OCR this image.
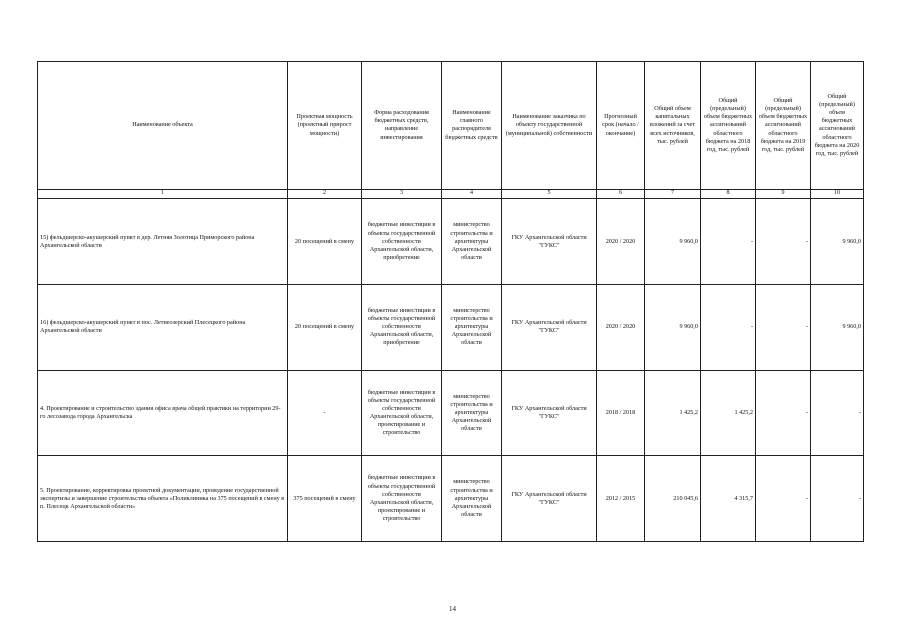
Наименование объекта	Проектная мощность (проектный прирост мощности)	Форма расходования бюджетных средств, направление инвестирования	Наименование главного распорядителя бюджетных средств	Наименование заказчика по объекту государственной (муниципальной) собственности	Прогнозный срок (начало / окончание)	Общий объем капитальных вложений за счет всех источников, тыс. рублей	Общий (предельный) объем бюджетных ассигнований областного бюджета на 2018 год, тыс. рублей	Общий (предельный) объем бюджетных ассигнований областного бюджета на 2019 год, тыс. рублей	Общий (предельный) объем бюджетных ассигнований областного бюджета на 2020 год, тыс. рублей
1	2	3	4	5	6	7	8	9	10
15) фельдшерско-акушерский пункт в дер. Летняя Золотица Приморского района Архангельской области	20 посещений в смену	бюджетные инвестиции в объекты государственной собственности Архангельской области, приобретение	министерство строительства и архитектуры Архангельской области	ГКУ Архангельской области "ГУКС"	2020 / 2020	9 960,0	-	-	9 960,0
16) фельдшерско-акушерский пункт в пос. Летнеозерский Плесецкого района Архангельской области	20 посещений в смену	бюджетные инвестиции в объекты государственной собственности Архангельской области, приобретение	министерство строительства и архитектуры Архангельской области	ГКУ Архангельской области "ГУКС"	2020 / 2020	9 960,0	-	-	9 960,0
4. Проектирование и строительство здания офиса врача общей практики на территории 29-го лесозавода города Архангельска	-	бюджетные инвестиции в объекты государственной собственности Архангельской области, проектирование и строительство	министерство строительства и архитектуры Архангельской области	ГКУ Архангельской области "ГУКС"	2018 / 2018	1 425,2	1 425,2	-	-
5. Проектирование, корректировка проектной документации, проведение государственной экспертизы и завершение строительства объекта «Поликлиника на 375 посещений в смену в п. Плесецк Архангельской области»	375 посещений в смену	бюджетные инвестиции в объекты государственной собственности Архангельской области, проектирование и строительство	министерство строительства и архитектуры Архангельской области	ГКУ Архангельской области "ГУКС"	2012 / 2015	210 045,6	4 315,7	-	-
14
